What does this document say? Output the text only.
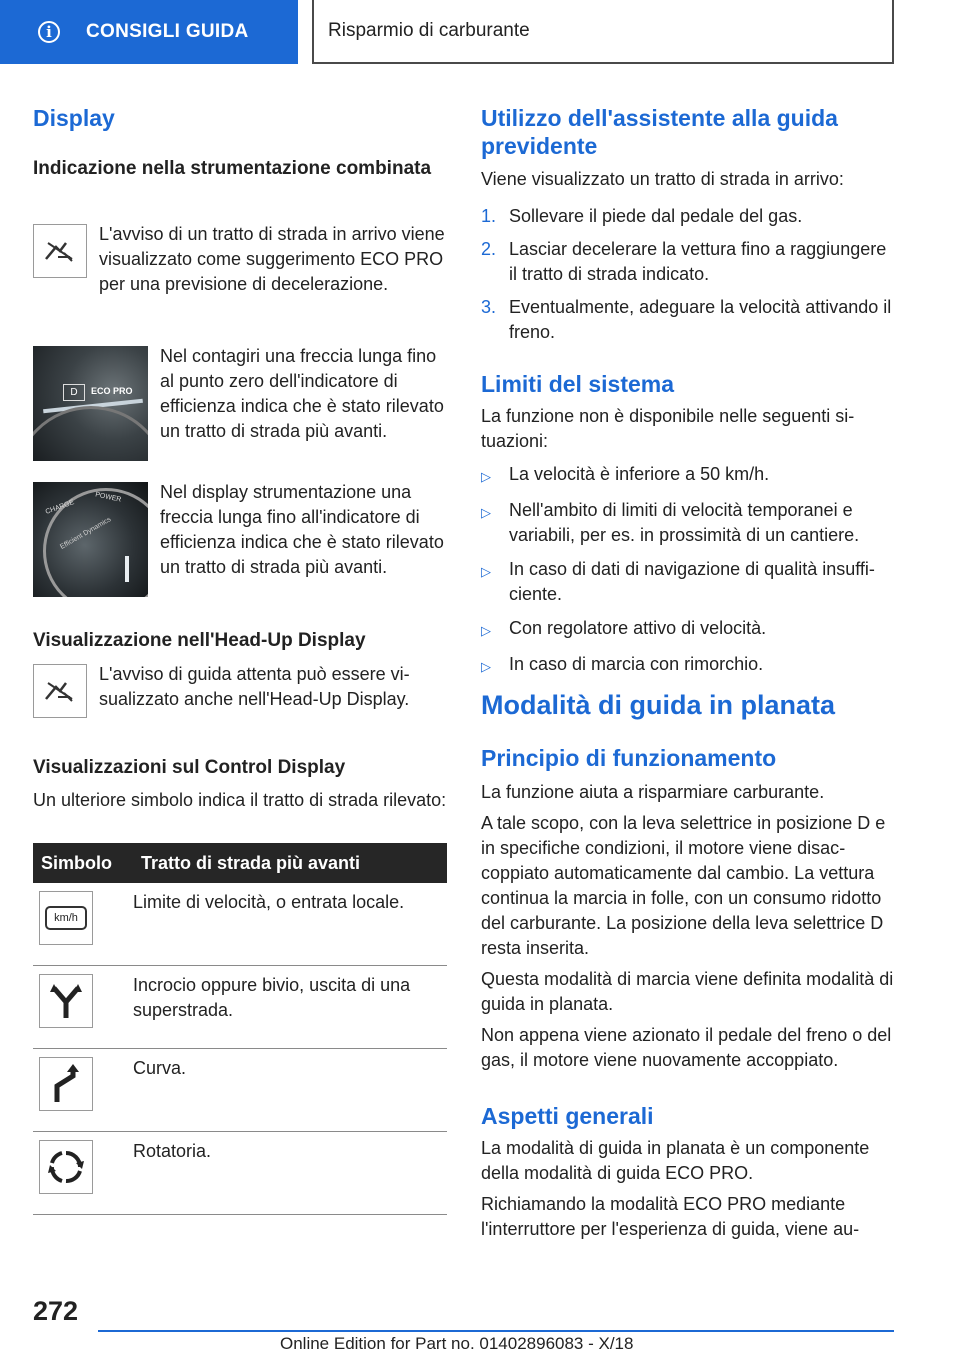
i	CONSIGLI GUIDA	Risparmio di carburante
Display
Indicazione nella strumentazione combinata

L'avviso di un tratto di strada in arrivo viene visualizzato come suggerimento ECO PRO per una previsione di decelerazione.

D	ECO PRO

Nel contagiri una freccia lunga fino al punto zero dell'indicatore di efficienza indica che è stato rilevato un tratto di strada più avanti.

CHARGE
POWER
Efficient Dynamics

Nel display strumentazione una freccia lunga fino all'indicatore di efficienza indica che è stato rilevato un tratto di strada più avanti.

Visualizzazione nell'Head-Up Display

L'avviso di guida attenta può essere visualizzato anche nell'Head-Up Display.

Visualizzazioni sul Control Display

Un ulteriore simbolo indica il tratto di strada rilevato:

Simbolo	Tratto di strada più avanti

km/h	Limite di velocità, o entrata locale.

	Incrocio oppure bivio, uscita di una superstrada.

	Curva.

	Rotatoria.
Utilizzo dell'assistente alla guida previdente

Viene visualizzato un tratto di strada in arrivo:

1. Sollevare il piede dal pedale del gas.
2. Lasciar decelerare la vettura fino a raggiungere il tratto di strada indicato.
3. Eventualmente, adeguare la velocità attivando il freno.
Limiti del sistema

La funzione non è disponibile nelle seguenti situazioni:

▷	La velocità è inferiore a 50 km/h.
▷	Nell'ambito di limiti di velocità temporanei e variabili, per es. in prossimità di un cantiere.
▷	In caso di dati di navigazione di qualità insufficiente.
▷	Con regolatore attivo di velocità.
▷	In caso di marcia con rimorchio.
Modalità di guida in planata
Principio di funzionamento

La funzione aiuta a risparmiare carburante.

A tale scopo, con la leva selettrice in posizione D e in specifiche condizioni, il motore viene disaccoppiato automaticamente dal cambio. La vettura continua la marcia in folle, con un consumo ridotto del carburante. La posizione della leva selettrice D resta inserita.

Questa modalità di marcia viene definita modalità di guida in planata.

Non appena viene azionato il pedale del freno o del gas, il motore viene nuovamente accoppiato.

Aspetti generali

La modalità di guida in planata è un componente della modalità di guida ECO PRO.

Richiamando la modalità ECO PRO mediante l'interruttore per l'esperienza di guida, viene au-

272
Online Edition for Part no. 01402896083 - X/18
